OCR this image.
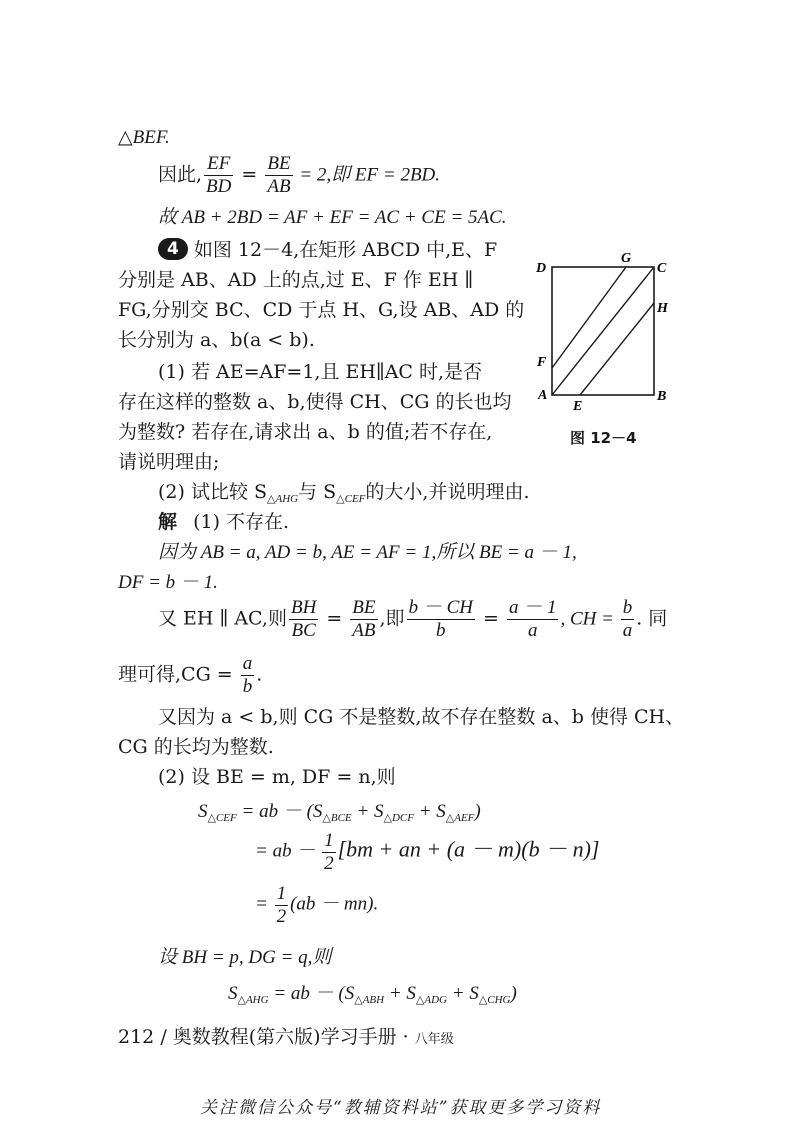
△BEF.
因此, $\frac{EF}{BD} = \frac{BE}{AB} = 2$,即 EF = 2BD.
故 AB + 2BD = AF + EF = AC + CE = 5AC.
4 如图 12－4,在矩形 ABCD 中,E、F
分别是 AB、AD 上的点,过 E、F 作 EH ∥
FG,分别交 BC、CD 于点 H、G,设 AB、AD 的
长分别为 a、b(a < b).
(1) 若 AE=AF=1,且 EH∥AC 时,是否
存在这样的整数 a、b,使得 CH、CG 的长也均
为整数? 若存在,请求出 a、b 的值;若不存在,
请说明理由;
(2) 试比较 $S_{\triangle AHG}$与 $S_{\triangle CEF}$的大小,并说明理由.
解 (1) 不存在.
因为 AB = a, AD = b, AE = AF = 1,所以 BE = a － 1,
DF = b － 1.
又 EH ∥ AC,则 $\frac{BH}{BC} = \frac{BE}{AB}$ ,即 $\frac{b - CH}{b} = \frac{a - 1}{a}$ , CH = $\frac{b}{a}$ . 同
理可得$,CG = \frac{a}{b}$ .
又因为 a < b,则 CG 不是整数,故不存在整数 a、b 使得 CH、
CG 的长均为整数.
(2) 设 BE = m, DF = n,则
$S_{\triangle CEF}$ = ab － $(S_{\triangle BCE} + S_{\triangle DCF} + S_{\triangle AEF})$
= ab － $\frac{1}{2} [bm$ + an + (a － m)(b － n)]
= $\frac{1}{2} (ab - mn)$.
设 BH = p, DG = q,则
$S_{\triangle AHG}$ = ab － $(S_{\triangle ABH} + S_{\triangle ADG} + S_{\triangle CHG})$
D
G
C
H
F
A
E
B
图 12－4
212 / 奥数教程(第六版)学习手册 · 八年级
关注微信公众号“教辅资料站”获取更多学习资料
